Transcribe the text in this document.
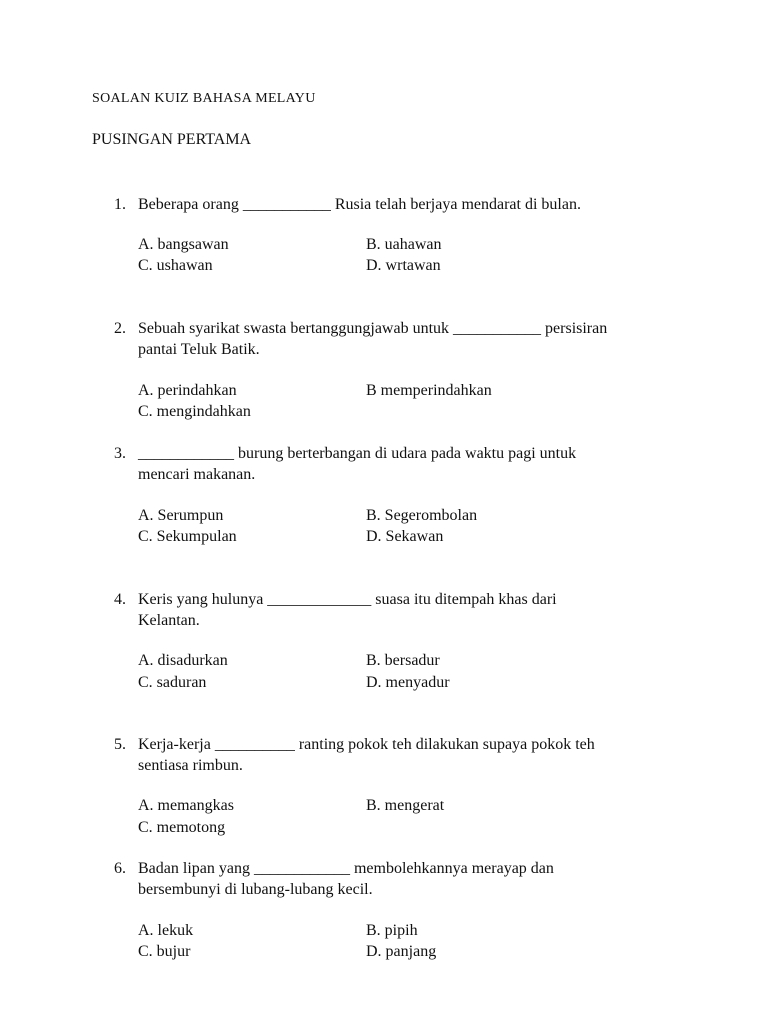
SOALAN KUIZ BAHASA MELAYU
PUSINGAN PERTAMA
1. Beberapa orang ___________ Rusia telah berjaya mendarat di bulan.
A. bangsawan	B. uahawan
C. ushawan	D. wrtawan
2. Sebuah syarikat swasta bertanggungjawab untuk ___________ persisiran
pantai Teluk Batik.
A. perindahkan	B memperindahkan
C. mengindahkan
3. ____________ burung berterbangan di udara pada waktu pagi untuk
mencari makanan.
A. Serumpun	B. Segerombolan
C. Sekumpulan	D. Sekawan
4. Keris yang hulunya _____________ suasa itu ditempah khas dari
Kelantan.
A. disadurkan	B. bersadur
C. saduran	D. menyadur
5. Kerja-kerja __________ ranting pokok teh dilakukan supaya pokok teh
sentiasa rimbun.
A. memangkas	B. mengerat
C. memotong
6. Badan lipan yang ____________ membolehkannya merayap dan
bersembunyi di lubang-lubang kecil.
A. lekuk	B. pipih
C. bujur	D. panjang
